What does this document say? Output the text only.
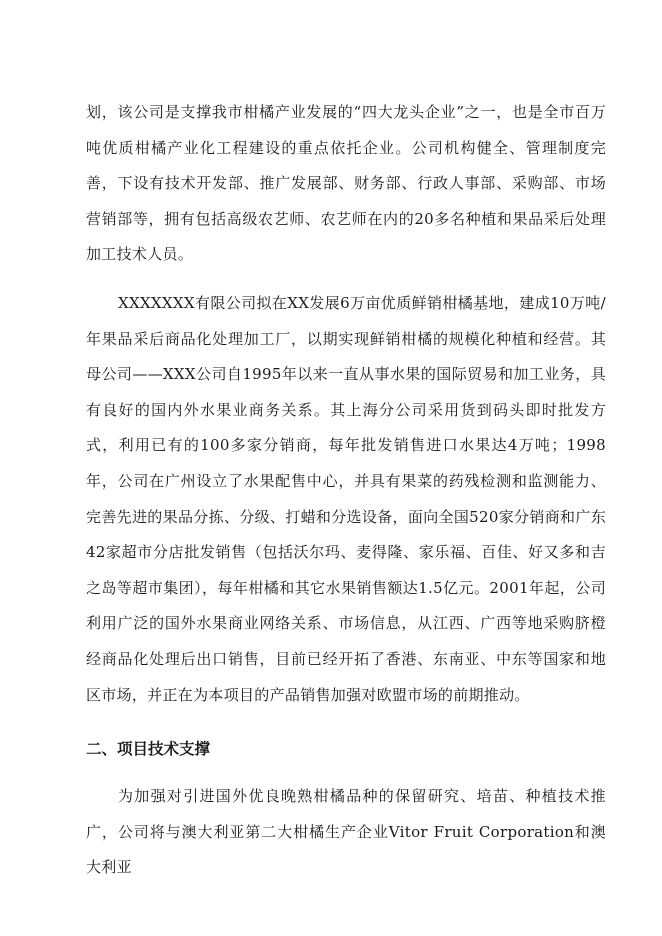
划，该公司是支撑我市柑橘产业发展的“四大龙头企业”之一，也是全市百万吨优质柑橘产业化工程建设的重点依托企业。公司机构健全、管理制度完善，下设有技术开发部、推广发展部、财务部、行政人事部、采购部、市场营销部等，拥有包括高级农艺师、农艺师在内的20多名种植和果品采后处理加工技术人员。

XXXXXXX有限公司拟在XX发展6万亩优质鲜销柑橘基地，建成10万吨/年果品采后商品化处理加工厂，以期实现鲜销柑橘的规模化种植和经营。其母公司——XXX公司自1995年以来一直从事水果的国际贸易和加工业务，具有良好的国内外水果业商务关系。其上海分公司采用货到码头即时批发方式，利用已有的100多家分销商，每年批发销售进口水果达4万吨；1998年，公司在广州设立了水果配售中心，并具有果菜的药残检测和监测能力、完善先进的果品分拣、分级、打蜡和分选设备，面向全国520家分销商和广东42家超市分店批发销售（包括沃尔玛、麦得隆、家乐福、百佳、好又多和吉之岛等超市集团），每年柑橘和其它水果销售额达1.5亿元。2001年起，公司利用广泛的国外水果商业网络关系、市场信息，从江西、广西等地采购脐橙经商品化处理后出口销售，目前已经开拓了香港、东南亚、中东等国家和地区市场，并正在为本项目的产品销售加强对欧盟市场的前期推动。

二、项目技术支撑

为加强对引进国外优良晚熟柑橘品种的保留研究、培苗、种植技术推广，公司将与澳大利亚第二大柑橘生产企业Vitor Fruit Corporation和澳大利亚
